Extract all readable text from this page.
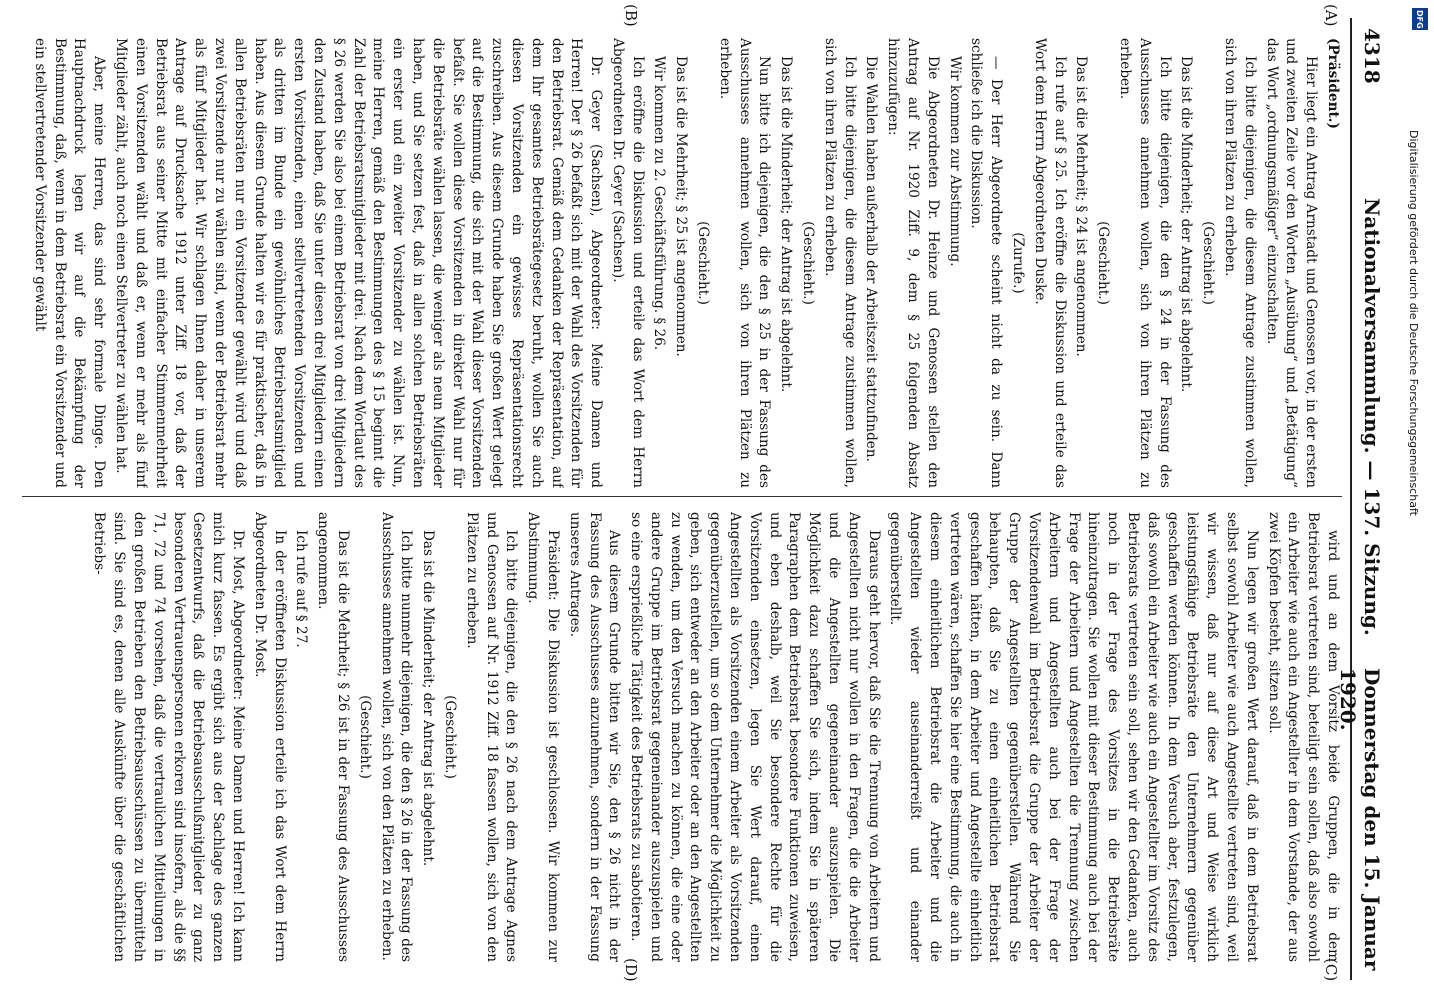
4318
Nationalversammlung. — 137. Sitzung.
Donnerstag den 15. Januar 1920.
(A)
(B)
(C)
(D)

(Präsident.)

Hier liegt ein Antrag Arnstadt und Genossen vor, in der ersten und zweiten Zeile vor den Worten „Ausübung“ und „Betätigung“ das Wort „ordnungsmäßiger“ einzuschalten.

Ich bitte diejenigen, die diesem Antrage zustimmen wollen, sich von ihren Plätzen zu erheben.

(Geschieht.)

Das ist die Minderheit; der Antrag ist abgelehnt.

Ich bitte diejenigen, die den § 24 in der Fassung des Ausschusses annehmen wollen, sich von ihren Plätzen zu erheben.

(Geschieht.)

Das ist die Mehrheit; § 24 ist angenommen.

Ich rufe auf § 25. Ich eröffne die Diskussion und erteile das Wort dem Herrn Abgeordneten Duske.

(Zurufe.)

— Der Herr Abgeordnete scheint nicht da zu sein. Dann schließe ich die Diskussion.

Wir kommen zur Abstimmung.

Die Abgeordneten Dr. Heinze und Genossen stellen den Antrag auf Nr. 1920 Ziff. 9, dem § 25 folgenden Absatz hinzuzufügen:

Die Wahlen haben außerhalb der Arbeitszeit stattzufinden.

Ich bitte diejenigen, die diesem Antrage zustimmen wollen, sich von ihren Plätzen zu erheben.

(Geschieht.)

Das ist die Minderheit; der Antrag ist abgelehnt.

Nun bitte ich diejenigen, die den § 25 in der Fassung des Ausschusses annehmen wollen, sich von ihren Plätzen zu erheben.

(Geschieht.)

Das ist die Mehrheit; § 25 ist angenommen.

Wir kommen zu 2. Geschäftsführung. § 26.

Ich eröffne die Diskussion und erteile das Wort dem Herrn Abgeordneten Dr. Geyer (Sachsen).

Dr. Geyer (Sachsen), Abgeordneter: Meine Damen und Herren! Der § 26 befaßt sich mit der Wahl des Vorsitzenden für den Betriebsrat. Gemäß dem Gedanken der Repräsentation, auf dem Ihr gesamtes Betriebsrätegesetz beruht, wollen Sie auch diesen Vorsitzenden ein gewisses Repräsentationsrecht zuschreiben. Aus diesem Grunde haben Sie großen Wert gelegt auf die Bestimmung, die sich mit der Wahl dieser Vorsitzenden befaßt. Sie wollen diese Vorsitzenden in direkter Wahl nur für die Betriebsräte wählen lassen, die weniger als neun Mitglieder haben, und Sie setzen fest, daß in allen solchen Betriebsräten ein erster und ein zweiter Vorsitzender zu wählen ist. Nun, meine Herren, gemäß den Bestimmungen des § 15 beginnt die Zahl der Betriebsratsmitglieder mit drei. Nach dem Wortlaut des § 26 werden Sie also bei einem Betriebsrat von drei Mitgliedern den Zustand haben, daß Sie unter diesen drei Mitgliedern einen ersten Vorsitzenden, einen stellvertretenden Vorsitzenden und als dritten im Bunde ein gewöhnliches Betriebsratsmitglied haben. Aus diesem Grunde halten wir es für praktischer, daß in allen Betriebsräten nur ein Vorsitzender gewählt wird und daß zwei Vorsitzende nur zu wählen sind, wenn der Betriebsrat mehr als fünf Mitglieder hat. Wir schlagen Ihnen daher in unserem Antrage auf Drucksache 1912 unter Ziff. 18 vor, daß der Betriebsrat aus seiner Mitte mit einfacher Stimmenmehrheit einen Vorsitzenden wählt und daß er, wenn er mehr als fünf Mitglieder zählt, auch noch einen Stellvertreter zu wählen hat.

Aber, meine Herren, das sind sehr formale Dinge. Den Hauptnachdruck legen wir auf die Bekämpfung der Bestimmung, daß, wenn in dem Betriebsrat ein Vorsitzender und ein stellvertretender Vorsitzender gewählt

wird und an dem Vorsitz beide Gruppen, die in dem Betriebsrat vertreten sind, beteiligt sein sollen, daß also sowohl ein Arbeiter wie auch ein Angestellter in dem Vorstande, der aus zwei Köpfen besteht, sitzen soll.

Nun legen wir großen Wert darauf, daß in dem Betriebsrat selbst sowohl Arbeiter wie auch Angestellte vertreten sind, weil wir wissen, daß nur auf diese Art und Weise wirklich leistungsfähige Betriebsräte den Unternehmern gegenüber geschaffen werden können. In dem Versuch aber, festzulegen, daß sowohl ein Arbeiter wie auch ein Angestellter im Vorsitz des Betriebsrats vertreten sein soll, sehen wir den Gedanken, auch noch in der Frage des Vorsitzes in die Betriebsräte hineinzutragen. Sie wollen mit dieser Bestimmung auch bei der Frage der Arbeitern und Angestellten die Trennung zwischen Arbeitern und Angestellten auch bei der Frage der Vorsitzendenwahl im Betriebsrat die Gruppe der Arbeiter der Gruppe der Angestellten gegenüberstellen. Während Sie behaupten, daß Sie zu einen einheitlichen Betriebsrat geschaffen hätten, in dem Arbeiter und Angestellte einheitlich vertreten wären, schaffen Sie hier eine Bestimmung, die auch in diesem einheitlichen Betriebsrat die Arbeiter und die Angestellten wieder auseinanderreißt und einander gegenüberstellt.

Daraus geht hervor, daß Sie die Trennung von Arbeitern und Angestellten nicht nur wollen in den Fragen, die die Arbeiter und die Angestellten gegeneinander auszuspielen. Die Möglichkeit dazu schaffen Sie sich, indem Sie in späteren Paragraphen dem Betriebsrat besondere Funktionen zuweisen, und eben deshalb, weil Sie besondere Rechte für die Vorsitzenden einsetzen, legen Sie Wert darauf, einen Angestellten als Vorsitzenden einem Arbeiter als Vorsitzenden gegenüberzustellen, um so dem Unternehmer die Möglichkeit zu geben, sich entweder an den Arbeiter oder an den Angestellten zu wenden, um den Versuch machen zu können, die eine oder andere Gruppe im Betriebsrat gegeneinander auszuspielen und so eine ersprießliche Tätigkeit des Betriebsrats zu sabotieren.

Aus diesem Grunde bitten wir Sie, den § 26 nicht in der Fassung des Ausschusses anzunehmen, sondern in der Fassung unseres Antrages.

Präsident: Die Diskussion ist geschlossen. Wir kommen zur Abstimmung.

Ich bitte diejenigen, die den § 26 nach dem Antrage Agnes und Genossen auf Nr. 1912 Ziff. 18 fassen wollen, sich von den Plätzen zu erheben.

(Geschieht.)

Das ist die Minderheit; der Antrag ist abgelehnt.

Ich bitte nunmehr diejenigen, die den § 26 in der Fassung des Ausschusses annehmen wollen, sich von den Plätzen zu erheben.

(Geschieht.)

Das ist die Mehrheit; § 26 ist in der Fassung des Ausschusses angenommen.

Ich rufe auf § 27.

In der eröffneten Diskussion erteile ich das Wort dem Herrn Abgeordneten Dr. Most.

Dr. Most, Abgeordneter: Meine Damen und Herren! Ich kann mich kurz fassen. Es ergibt sich aus der Sachlage des ganzen Gesetzentwurfs, daß die Betriebsausschußmitglieder zu ganz besonderen Vertrauenspersonen erkoren sind insofern, als die §§ 71, 72 und 74 vorsehen, daß die vertraulichen Mitteilungen in den großen Betrieben den Betriebsausschüssen zu übermitteln sind. Sie sind es, denen alle Auskünfte über die geschäftlichen Betriebs-

Digitalisierung gefördert durch die Deutsche Forschungsgemeinschaft
DFG
